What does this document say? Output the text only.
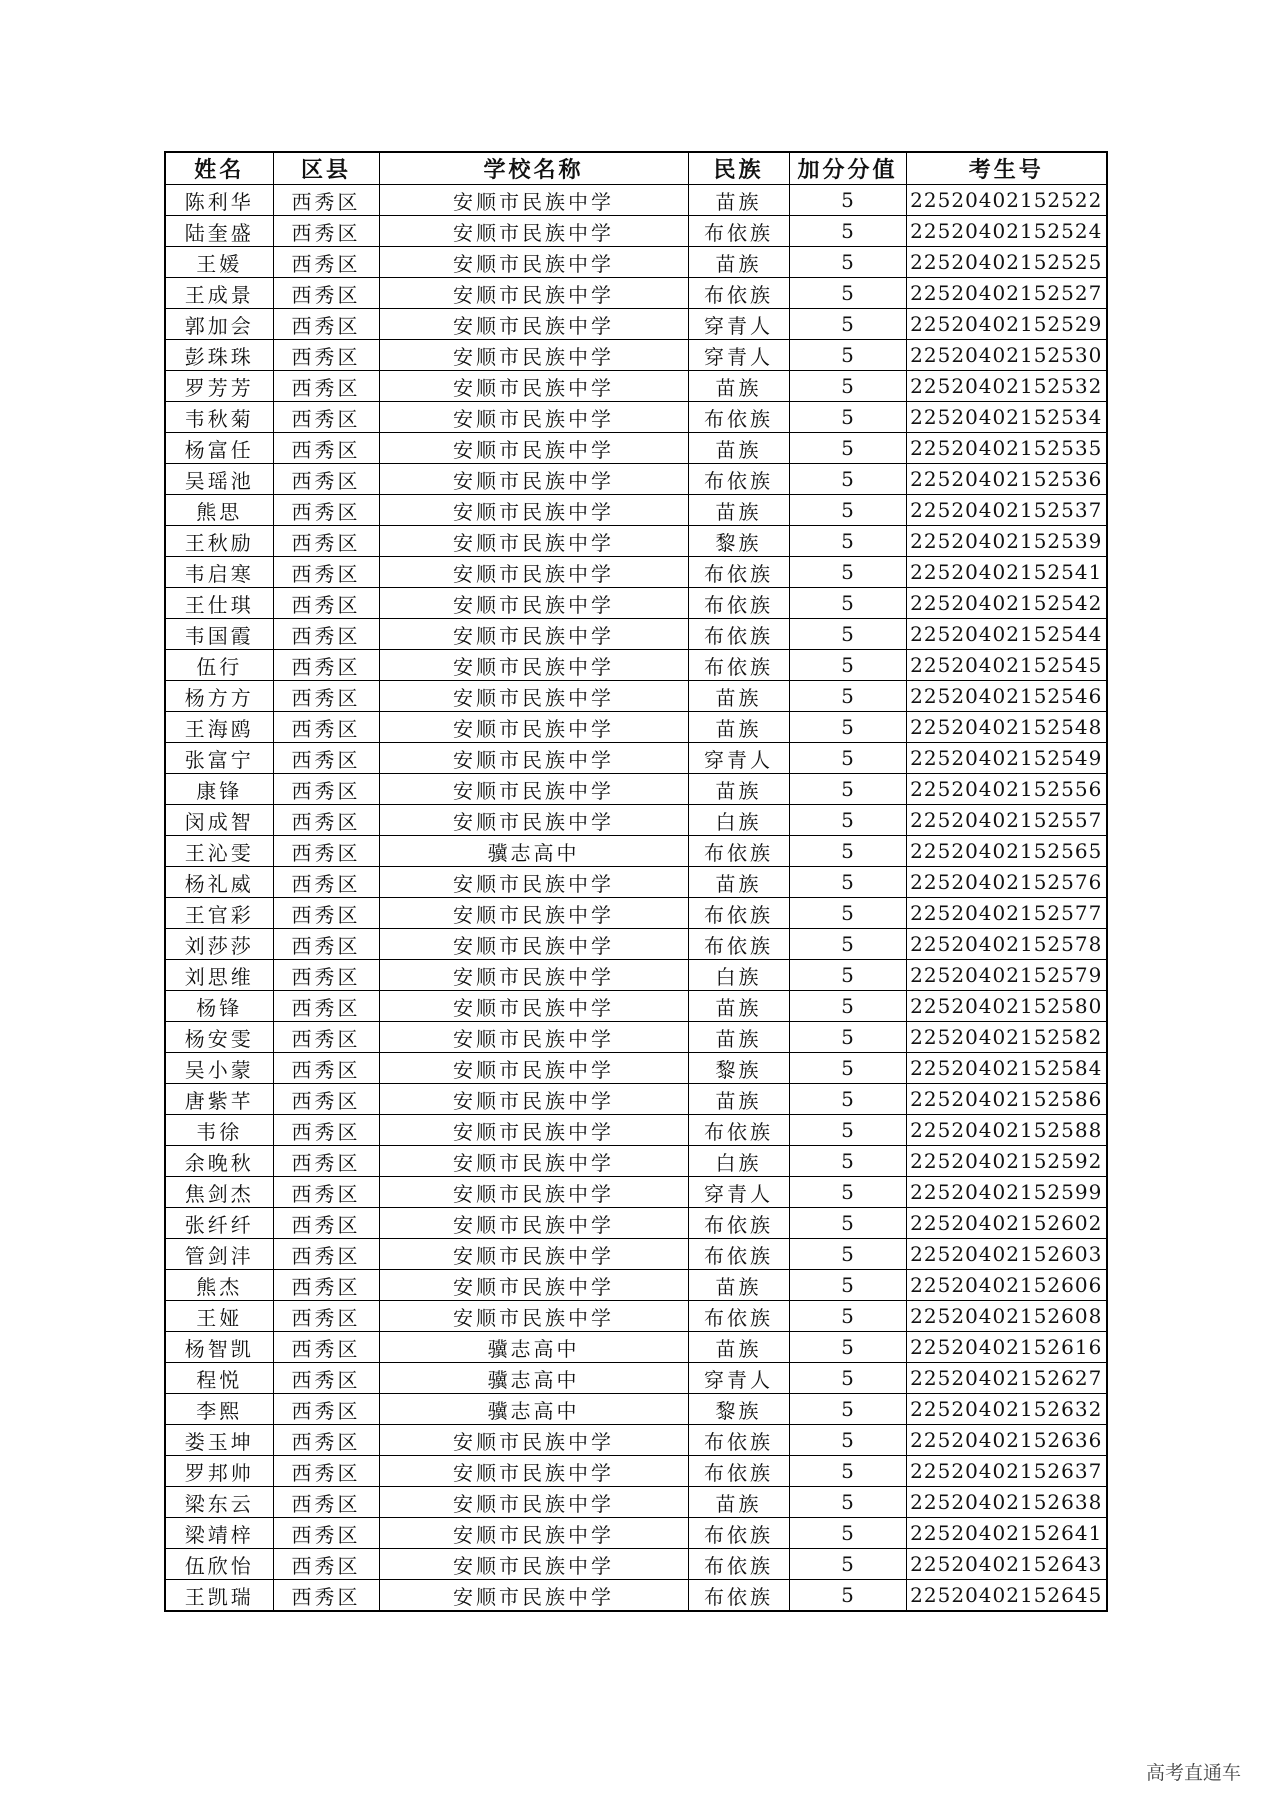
姓名	区县	学校名称	民族	加分分值	考生号
陈利华	西秀区	安顺市民族中学	苗族	5	22520402152522
陆奎盛	西秀区	安顺市民族中学	布依族	5	22520402152524
王媛	西秀区	安顺市民族中学	苗族	5	22520402152525
王成景	西秀区	安顺市民族中学	布依族	5	22520402152527
郭加会	西秀区	安顺市民族中学	穿青人	5	22520402152529
彭珠珠	西秀区	安顺市民族中学	穿青人	5	22520402152530
罗芳芳	西秀区	安顺市民族中学	苗族	5	22520402152532
韦秋菊	西秀区	安顺市民族中学	布依族	5	22520402152534
杨富任	西秀区	安顺市民族中学	苗族	5	22520402152535
吴瑶池	西秀区	安顺市民族中学	布依族	5	22520402152536
熊思	西秀区	安顺市民族中学	苗族	5	22520402152537
王秋励	西秀区	安顺市民族中学	黎族	5	22520402152539
韦启寒	西秀区	安顺市民族中学	布依族	5	22520402152541
王仕琪	西秀区	安顺市民族中学	布依族	5	22520402152542
韦国霞	西秀区	安顺市民族中学	布依族	5	22520402152544
伍行	西秀区	安顺市民族中学	布依族	5	22520402152545
杨方方	西秀区	安顺市民族中学	苗族	5	22520402152546
王海鸥	西秀区	安顺市民族中学	苗族	5	22520402152548
张富宁	西秀区	安顺市民族中学	穿青人	5	22520402152549
康锋	西秀区	安顺市民族中学	苗族	5	22520402152556
闵成智	西秀区	安顺市民族中学	白族	5	22520402152557
王沁雯	西秀区	骥志高中	布依族	5	22520402152565
杨礼威	西秀区	安顺市民族中学	苗族	5	22520402152576
王官彩	西秀区	安顺市民族中学	布依族	5	22520402152577
刘莎莎	西秀区	安顺市民族中学	布依族	5	22520402152578
刘思维	西秀区	安顺市民族中学	白族	5	22520402152579
杨锋	西秀区	安顺市民族中学	苗族	5	22520402152580
杨安雯	西秀区	安顺市民族中学	苗族	5	22520402152582
吴小蒙	西秀区	安顺市民族中学	黎族	5	22520402152584
唐紫芊	西秀区	安顺市民族中学	苗族	5	22520402152586
韦徐	西秀区	安顺市民族中学	布依族	5	22520402152588
余晚秋	西秀区	安顺市民族中学	白族	5	22520402152592
焦剑杰	西秀区	安顺市民族中学	穿青人	5	22520402152599
张纤纤	西秀区	安顺市民族中学	布依族	5	22520402152602
管剑沣	西秀区	安顺市民族中学	布依族	5	22520402152603
熊杰	西秀区	安顺市民族中学	苗族	5	22520402152606
王娅	西秀区	安顺市民族中学	布依族	5	22520402152608
杨智凯	西秀区	骥志高中	苗族	5	22520402152616
程悦	西秀区	骥志高中	穿青人	5	22520402152627
李熙	西秀区	骥志高中	黎族	5	22520402152632
娄玉坤	西秀区	安顺市民族中学	布依族	5	22520402152636
罗邦帅	西秀区	安顺市民族中学	布依族	5	22520402152637
梁东云	西秀区	安顺市民族中学	苗族	5	22520402152638
梁靖梓	西秀区	安顺市民族中学	布依族	5	22520402152641
伍欣怡	西秀区	安顺市民族中学	布依族	5	22520402152643
王凯瑞	西秀区	安顺市民族中学	布依族	5	22520402152645
高考直通车
